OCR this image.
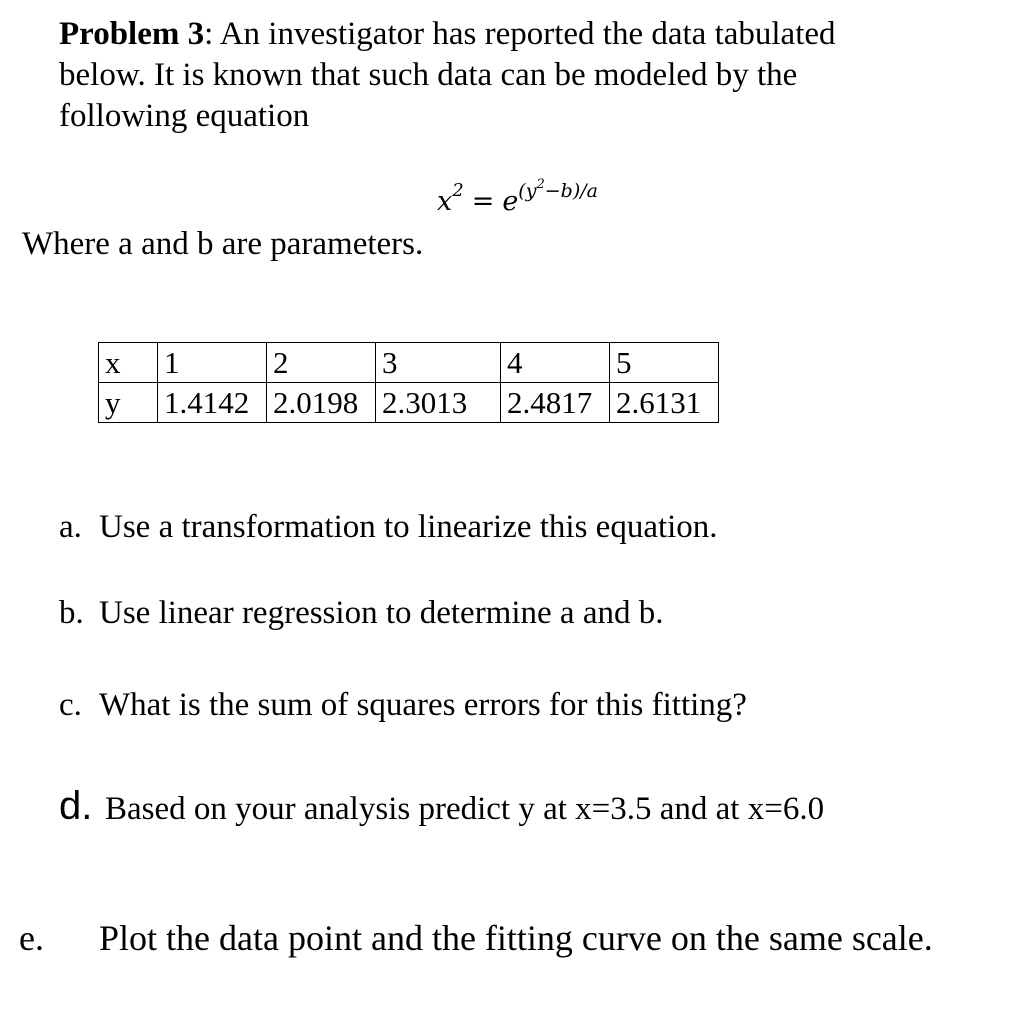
Problem 3: An investigator has reported the data tabulated
below. It is known that such data can be modeled by the
following equation
$x^2 = e^{(y^2-b)/a}$
Where a and b are parameters.
x	1	2	3	4	5
y	1.4142	2.0198	2.3013	2.4817	2.6131
a. Use a transformation to linearize this equation.
b. Use linear regression to determine a and b.
c. What is the sum of squares errors for this fitting?
d. Based on your analysis predict y at x=3.5 and at x=6.0
e. Plot the data point and the fitting curve on the same scale.
